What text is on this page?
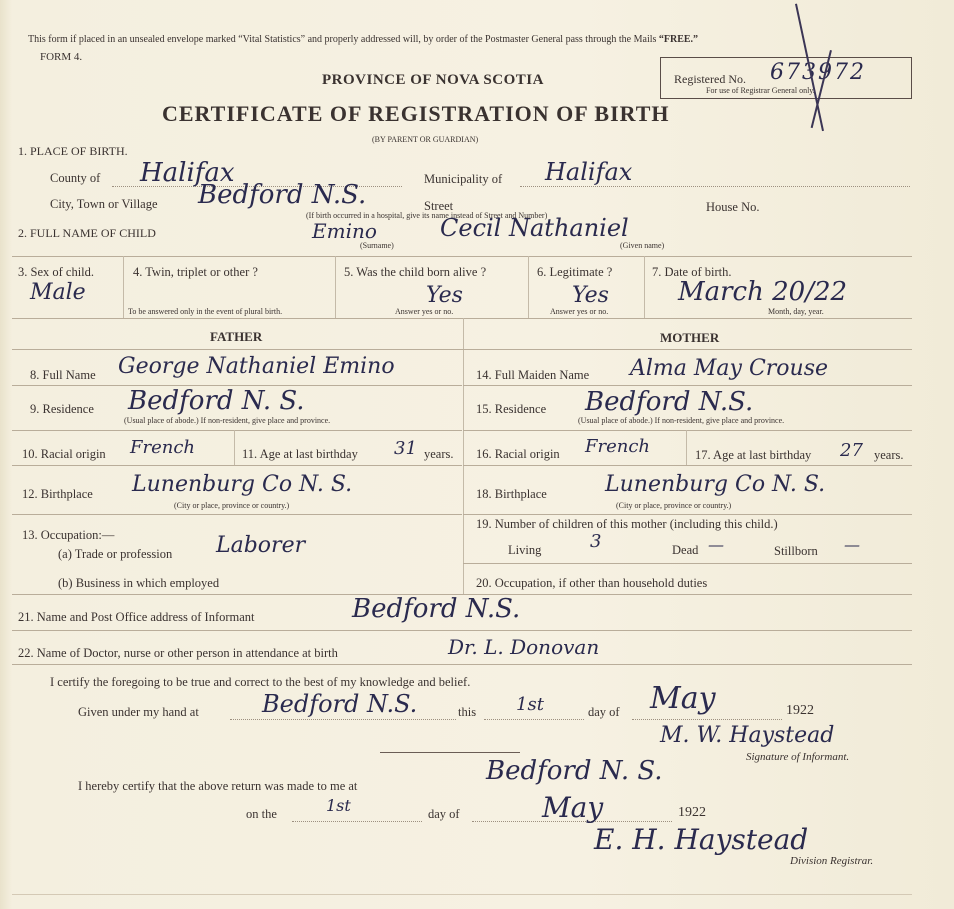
This form if placed in an unsealed envelope marked “Vital Statistics” and properly addressed will, by order of the Postmaster General pass through the Mails “FREE.”
FORM 4.
PROVINCE OF NOVA SCOTIA
CERTIFICATE OF REGISTRATION OF BIRTH
(BY PARENT OR GUARDIAN)
Registered No. 673972
For use of Registrar General only.
1. PLACE OF BIRTH.
County of Halifax	Municipality of Halifax
City, Town or Village Bedford N.S.	Street	House No.
(If birth occurred in a hospital, give its name instead of Street and Number)
2. FULL NAME OF CHILD	Emino	Cecil Nathaniel
(Surname)	(Given name)
3. Sex of child.
Male
4. Twin, triplet or other ?
To be answered only in the event of plural birth.
5. Was the child born alive ?
Yes
Answer yes or no.
6. Legitimate ?
Yes
Answer yes or no.
7. Date of birth.
March 20/22
Month, day, year.
FATHER	MOTHER
8. Full Name George Nathaniel Emino
9. Residence Bedford N. S.
(Usual place of abode.) If non-resident, give place and province.
10. Racial origin French	11. Age at last birthday 31 years.
12. Birthplace Lunenburg Co N. S.
(City or place, province or country.)
13. Occupation:—
(a) Trade or profession Laborer
(b) Business in which employed
14. Full Maiden Name Alma May Crouse
15. Residence Bedford N.S.
(Usual place of abode.) If non-resident, give place and province.
16. Racial origin French	17. Age at last birthday 27 years.
18. Birthplace	Lunenburg Co N. S.
(City or place, province or country.)
19. Number of children of this mother (including this child.)
Living	3	Dead —	Stillborn —
20. Occupation, if other than household duties
21. Name and Post Office address of Informant	Bedford N.S.
22. Name of Doctor, nurse or other person in attendance at birth	Dr. L. Donovan
I certify the foregoing to be true and correct to the best of my knowledge and belief.
Given under my hand at	Bedford N.S.	this 1st	day of May	1922
M. W. Haystead
Signature of Informant.
I hereby certify that the above return was made to me at	Bedford N. S.
on the	1st	day of	May	1922
E. H. Haystead
Division Registrar.
